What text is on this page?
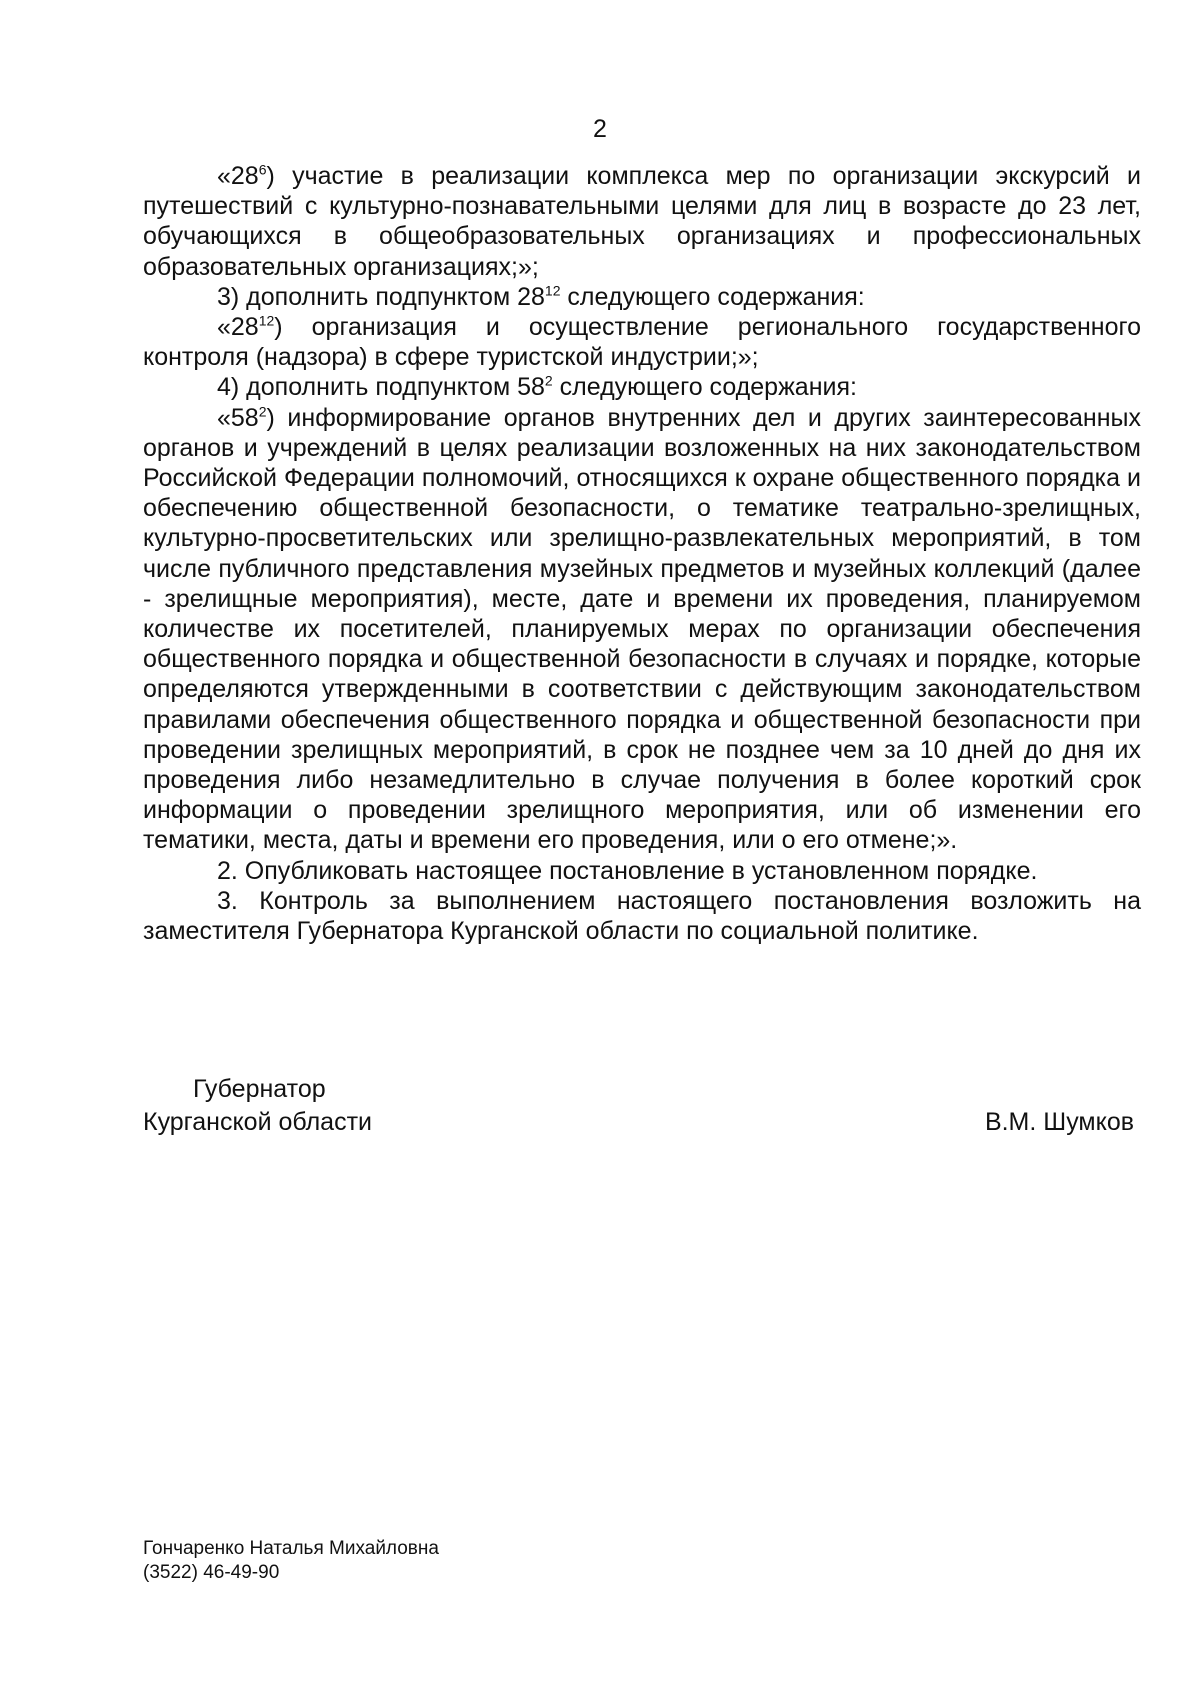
2

«$28^6$) участие в реализации комплекса мер по организации экскурсий и путешествий с культурно-познавательными целями для лиц в возрасте до 23 лет, обучающихся в общеобразовательных организациях и профессиональных образовательных организациях;»;

3) дополнить подпунктом $28^{12}$ следующего содержания:

«$28^{12}$) организация и осуществление регионального государственного контроля (надзора) в сфере туристской индустрии;»;

4) дополнить подпунктом $58^2$ следующего содержания:

«$58^2$) информирование органов внутренних дел и других заинтересованных органов и учреждений в целях реализации возложенных на них законодательством Российской Федерации полномочий, относящихся к охране общественного порядка и обеспечению общественной безопасности, о тематике театрально-зрелищных, культурно-просветительских или зрелищно-развлекательных мероприятий, в том числе публичного представления музейных предметов и музейных коллекций (далее - зрелищные мероприятия), месте, дате и времени их проведения, планируемом количестве их посетителей, планируемых мерах по организации обеспечения общественного порядка и общественной безопасности в случаях и порядке, которые определяются утвержденными в соответствии с действующим законодательством правилами обеспечения общественного порядка и общественной безопасности при проведении зрелищных мероприятий, в срок не позднее чем за 10 дней до дня их проведения либо незамедлительно в случае получения в более короткий срок информации о проведении зрелищного мероприятия, или об изменении его тематики, места, даты и времени его проведения, или о его отмене;».

2. Опубликовать настоящее постановление в установленном порядке.

3. Контроль за выполнением настоящего постановления возложить на заместителя Губернатора Курганской области по социальной политике.

Губернатор
Курганской области	В.М. Шумков
Гончаренко Наталья Михайловна
(3522) 46-49-90
